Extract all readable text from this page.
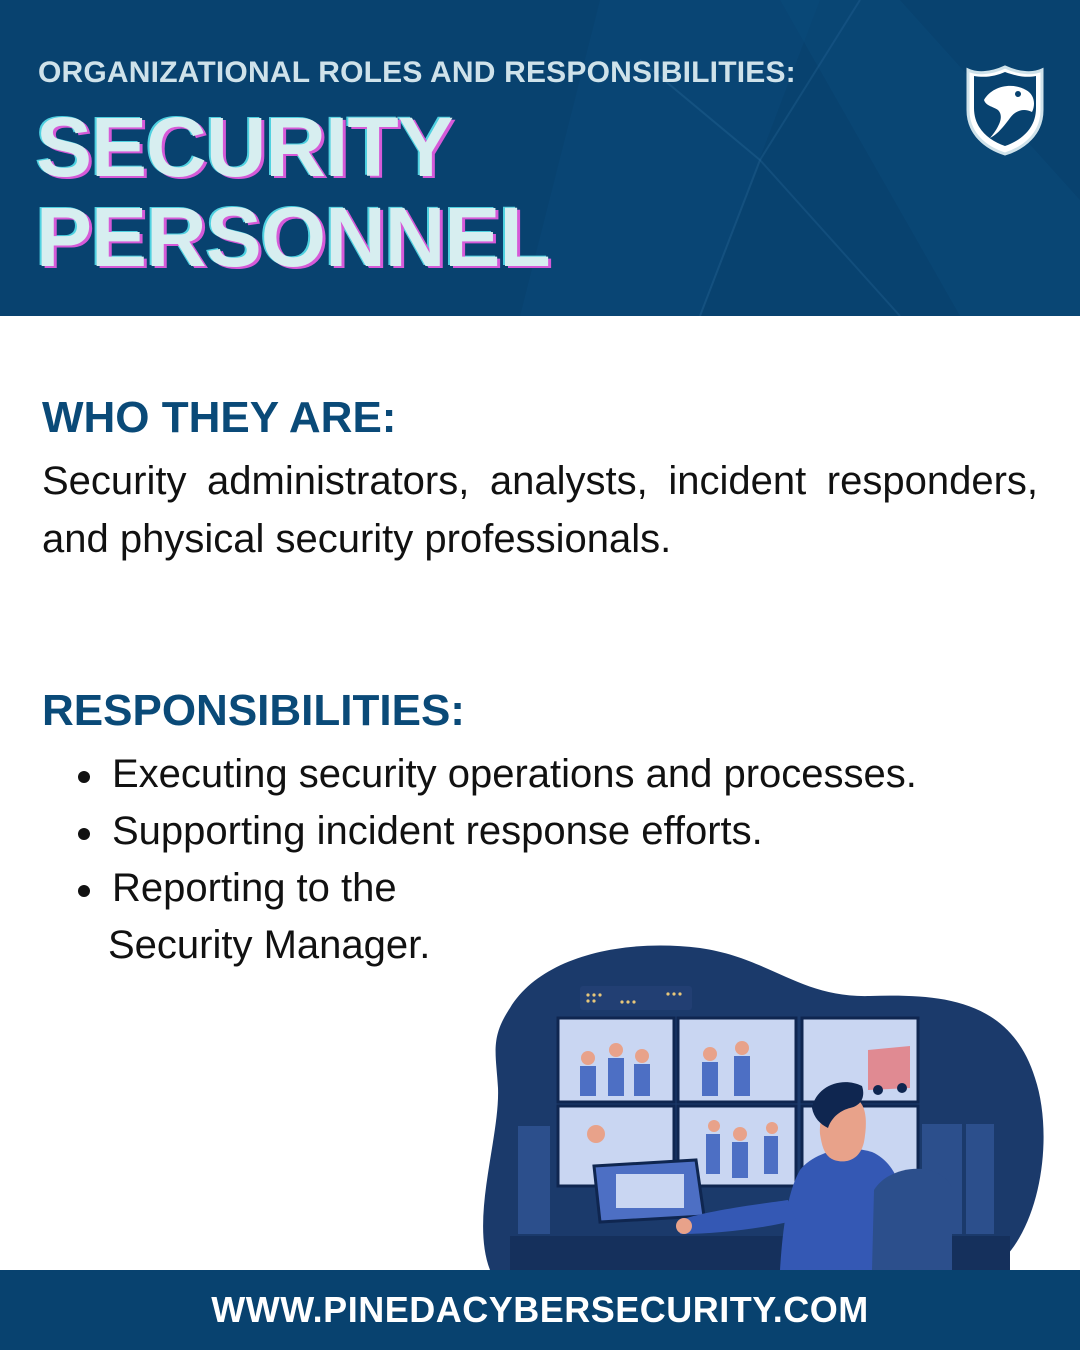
ORGANIZATIONAL ROLES AND RESPONSIBILITIES:
SECURITY
PERSONNEL
WHO THEY ARE:

Security administrators, analysts, incident responders, and physical security professionals.

RESPONSIBILITIES:
Executing security operations and processes.
Supporting incident response efforts.
Reporting to the
Security Manager.
WWW.PINEDACYBERSECURITY.COM
